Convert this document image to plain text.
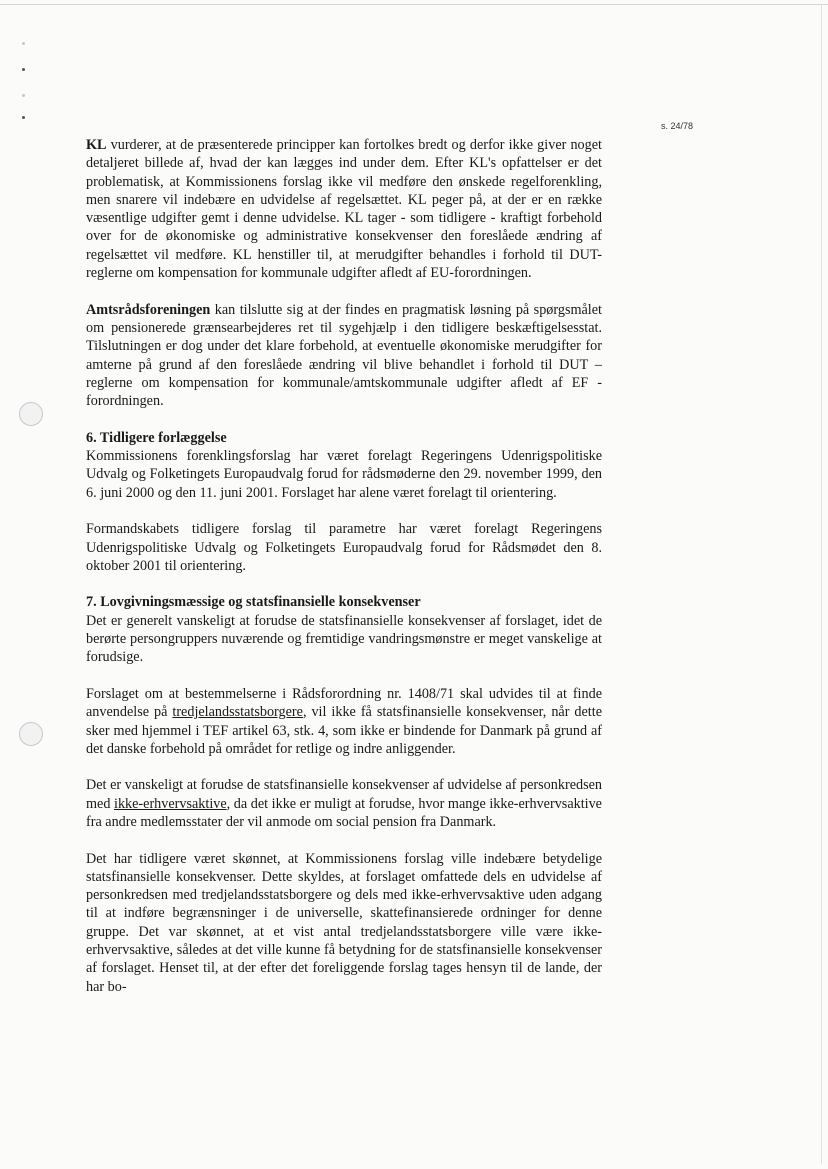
s. 24/78

KL vurderer, at de præsenterede principper kan fortolkes bredt og derfor ikke giver noget detaljeret billede af, hvad der kan lægges ind under dem. Efter KL's opfattelser er det problematisk, at Kommissionens forslag ikke vil medføre den ønskede regelforenkling, men snarere vil indebære en udvidelse af regelsættet. KL peger på, at der er en række væsentlige udgifter gemt i denne udvidelse. KL tager - som tidligere - kraftigt forbehold over for de økonomiske og administrative konsekvenser den foreslåede ændring af regelsættet vil medføre. KL henstiller til, at merudgifter behandles i forhold til DUT- reglerne om kompensation for kommunale udgifter afledt af EU-forordningen.

Amtsrådsforeningen kan tilslutte sig at der findes en pragmatisk løsning på spørgsmålet om pensionerede grænsearbejderes ret til sygehjælp i den tidligere beskæftigelsesstat. Tilslutningen er dog under det klare forbehold, at eventuelle økonomiske merudgifter for amterne på grund af den foreslåede ændring vil blive behandlet i forhold til DUT – reglerne om kompensation for kommunale/amtskommunale udgifter afledt af EF - forordningen.

6. Tidligere forlæggelse

Kommissionens forenklingsforslag har været forelagt Regeringens Udenrigspolitiske Udvalg og Folketingets Europaudvalg forud for rådsmøderne den 29. november 1999, den 6. juni 2000 og den 11. juni 2001. Forslaget har alene været forelagt til orientering.

Formandskabets tidligere forslag til parametre har været forelagt Regeringens Udenrigspolitiske Udvalg og Folketingets Europaudvalg forud for Rådsmødet den 8. oktober 2001 til orientering.

7. Lovgivningsmæssige og statsfinansielle konsekvenser

Det er generelt vanskeligt at forudse de statsfinansielle konsekvenser af forslaget, idet de berørte persongruppers nuværende og fremtidige vandringsmønstre er meget vanskelige at forudsige.

Forslaget om at bestemmelserne i Rådsforordning nr. 1408/71 skal udvides til at finde anvendelse på tredjelandsstatsborgere, vil ikke få statsfinansielle konsekvenser, når dette sker med hjemmel i TEF artikel 63, stk. 4, som ikke er bindende for Danmark på grund af det danske forbehold på området for retlige og indre anliggender.

Det er vanskeligt at forudse de statsfinansielle konsekvenser af udvidelse af personkredsen med ikke-erhvervsaktive, da det ikke er muligt at forudse, hvor mange ikke-erhvervsaktive fra andre medlemsstater der vil anmode om social pension fra Danmark.

Det har tidligere været skønnet, at Kommissionens forslag ville indebære betydelige statsfinansielle konsekvenser. Dette skyldes, at forslaget omfattede dels en udvidelse af personkredsen med tredjelandsstatsborgere og dels med ikke-erhvervsaktive uden adgang til at indføre begrænsninger i de universelle, skattefinansierede ordninger for denne gruppe. Det var skønnet, at et vist antal tredjelandsstatsborgere ville være ikke-erhvervsaktive, således at det ville kunne få betydning for de statsfinansielle konsekvenser af forslaget. Henset til, at der efter det foreliggende forslag tages hensyn til de lande, der har bo-
